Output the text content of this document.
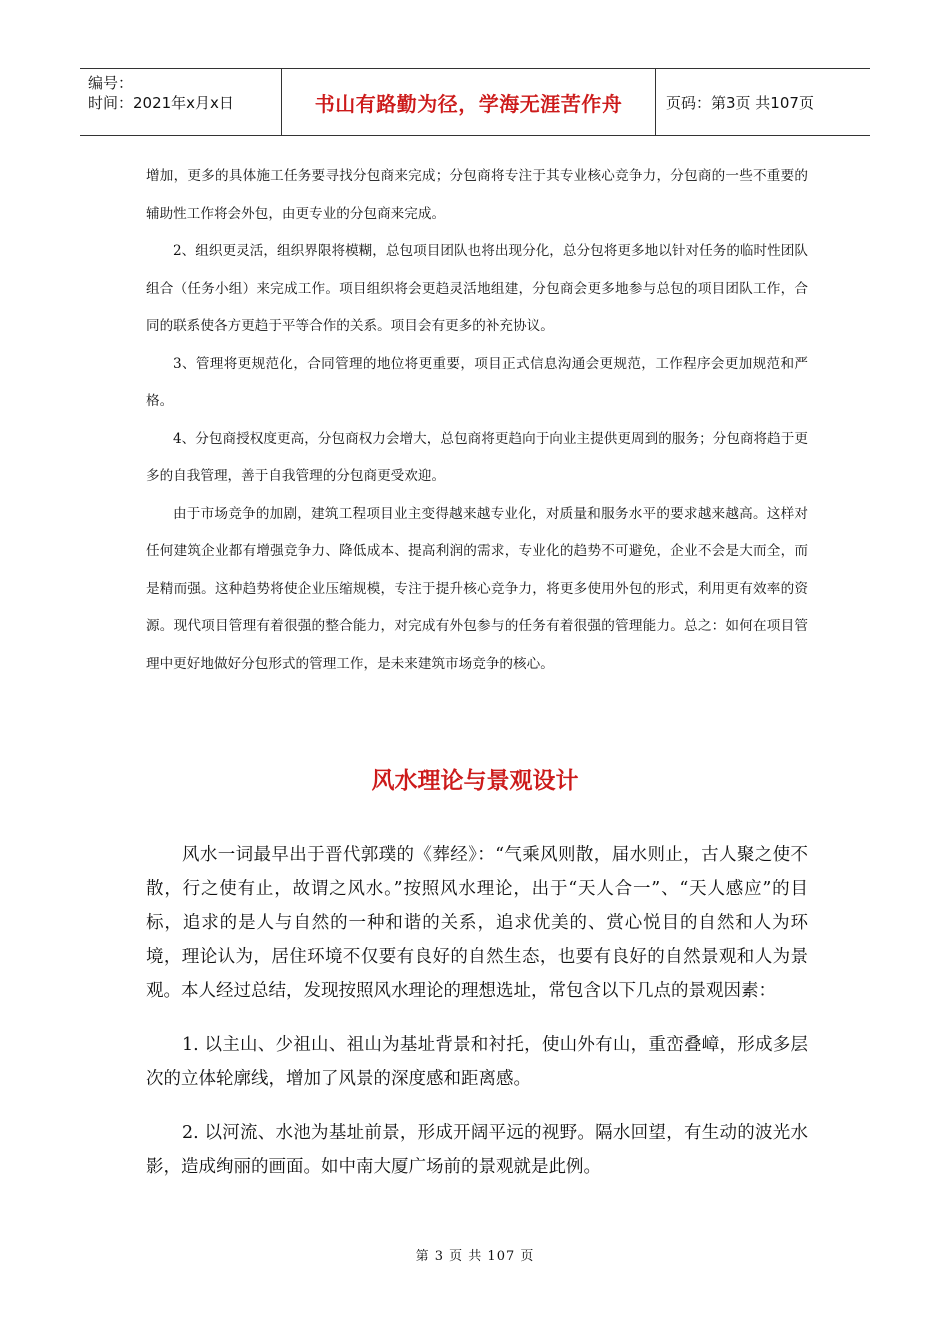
编号：
时间：2021年x月x日	书山有路勤为径，学海无涯苦作舟	页码：第3页 共107页

增加，更多的具体施工任务要寻找分包商来完成；分包商将专注于其专业核心竞争力，分包商的一些不重要的辅助性工作将会外包，由更专业的分包商来完成。

2、组织更灵活，组织界限将模糊，总包项目团队也将出现分化，总分包将更多地以针对任务的临时性团队组合（任务小组）来完成工作。项目组织将会更趋灵活地组建，分包商会更多地参与总包的项目团队工作，合同的联系使各方更趋于平等合作的关系。项目会有更多的补充协议。

3、管理将更规范化，合同管理的地位将更重要，项目正式信息沟通会更规范，工作程序会更加规范和严格。

4、分包商授权度更高，分包商权力会增大，总包商将更趋向于向业主提供更周到的服务；分包商将趋于更多的自我管理，善于自我管理的分包商更受欢迎。

由于市场竞争的加剧，建筑工程项目业主变得越来越专业化，对质量和服务水平的要求越来越高。这样对任何建筑企业都有增强竞争力、降低成本、提高利润的需求，专业化的趋势不可避免，企业不会是大而全，而是精而强。这种趋势将使企业压缩规模，专注于提升核心竞争力，将更多使用外包的形式，利用更有效率的资源。现代项目管理有着很强的整合能力，对完成有外包参与的任务有着很强的管理能力。总之：如何在项目管理中更好地做好分包形式的管理工作，是未来建筑市场竞争的核心。

风水理论与景观设计

风水一词最早出于晋代郭璞的《葬经》：“气乘风则散，届水则止，古人聚之使不散，行之使有止，故谓之风水。”按照风水理论，出于“天人合一”、“天人感应”的目标，追求的是人与自然的一种和谐的关系，追求优美的、赏心悦目的自然和人为环境，理论认为，居住环境不仅要有良好的自然生态，也要有良好的自然景观和人为景观。本人经过总结，发现按照风水理论的理想选址，常包含以下几点的景观因素：

1. 以主山、少祖山、祖山为基址背景和衬托，使山外有山，重峦叠嶂，形成多层次的立体轮廓线，增加了风景的深度感和距离感。

2. 以河流、水池为基址前景，形成开阔平远的视野。隔水回望，有生动的波光水影，造成绚丽的画面。如中南大厦广场前的景观就是此例。

第 3 页 共 107 页
